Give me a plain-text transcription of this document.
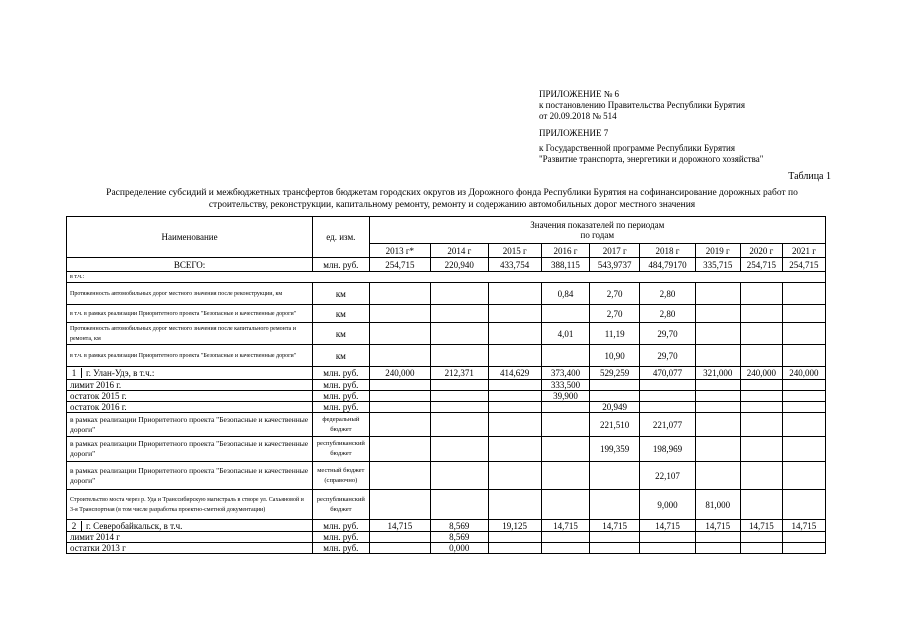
ПРИЛОЖЕНИЕ № 6
к постановлению Правительства Республики Бурятия
от 20.09.2018 № 514
ПРИЛОЖЕНИЕ 7
к Государственной программе Республики Бурятия
"Развитие транспорта, энергетики и дорожного хозяйства"
Таблица 1
Распределение субсидий и межбюджетных трансфертов бюджетам городских округов из Дорожного фонда Республики Бурятия на софинансирование дорожных работ по
строительству, реконструкции, капитальному ремонту, ремонту и содержанию автомобильных дорог местного значения
Наименование	ед. изм.	Значения показателей по периодам
по годам								

		2013 г*	2014 г	2015 г	2016 г	2017 г	2018 г	2019 г	2020 г	2021 г
ВСЕГО:	млн. руб.	254,715	220,940	433,754	388,115	543,9737	484,79170	335,715	254,715	254,715
в т.ч.:										
Протяженность автомобильных дорог местного значения после реконструкции, км	км				0,84	2,70	2,80			
в т.ч. в рамках реализации Приоритетного проекта "Безопасные и качественные дороги"	км					2,70	2,80			
Протяженность автомобильных дорог местного значения после капитального ремонта и ремонта, км	км				4,01	11,19	29,70			
в т.ч. в рамках реализации Приоритетного проекта "Безопасные и качественные дороги"	км					10,90	29,70			
1 г. Улан-Удэ, в т.ч.:	млн. руб.	240,000	212,371	414,629	373,400	529,259	470,077	321,000	240,000	240,000
лимит 2016 г.	млн. руб.				333,500					
остаток 2015 г.	млн. руб.				39,900					
остаток 2016 г.	млн. руб.					20,949				
в рамках реализации Приоритетного проекта "Безопасные и качественные дороги"	федеральный бюджет					221,510	221,077			
в рамках реализации Приоритетного проекта "Безопасные и качественные дороги"	республиканский бюджет					199,359	198,969			
в рамках реализации Приоритетного проекта "Безопасные и качественные дороги"	местный бюджет (справочно)						22,107			
Строительство моста через р. Уда и Транссибирскую магистраль в створе ул. Сахьяновой и 3-я Транспортная (в том числе разработка проектно-сметной документации)	республиканский бюджет						9,000	81,000		
2 г. Северобайкальск, в т.ч.	млн. руб.	14,715	8,569	19,125	14,715	14,715	14,715	14,715	14,715	14,715
лимит 2014 г	млн. руб.		8,569							
остатки 2013 г	млн. руб.		0,000							
